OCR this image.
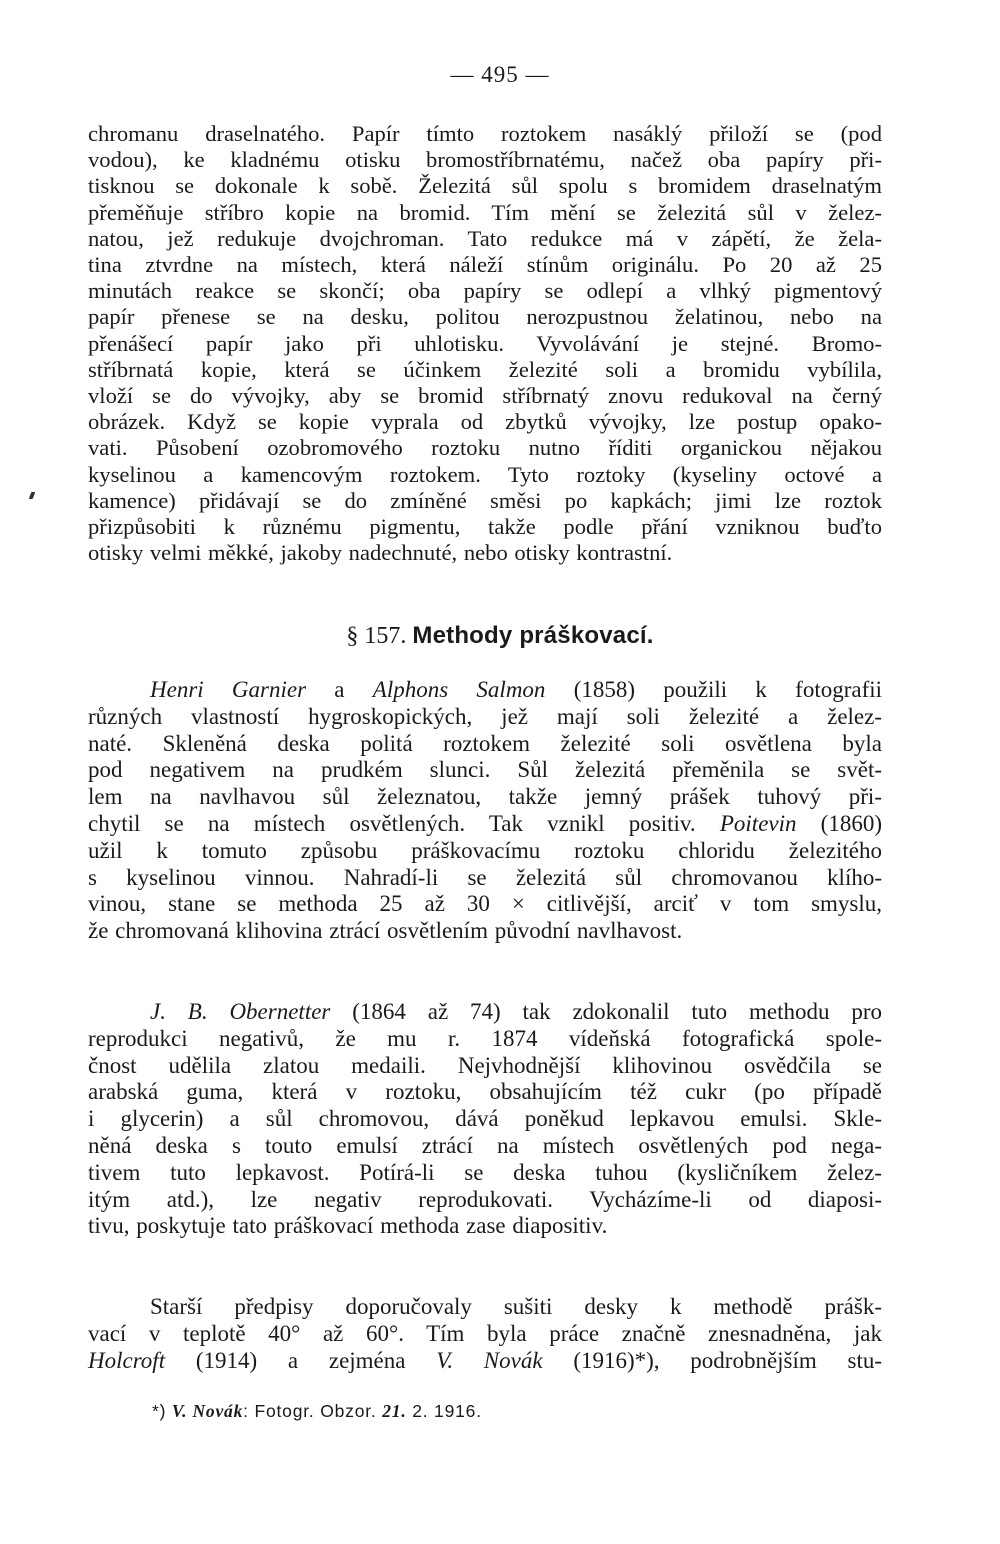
— 495 —
chromanu draselnatého. Papír tímto roztokem nasáklý přiloží se (pod
vodou), ke kladnému otisku bromostříbrnatému, načež oba papíry při-
tisknou se dokonale k sobě. Železitá sůl spolu s bromidem draselnatým
přeměňuje stříbro kopie na bromid. Tím mění se železitá sůl v želez-
natou, jež redukuje dvojchroman. Tato redukce má v zápětí, že žela-
tina ztvrdne na místech, která náleží stínům originálu. Po 20 až 25
minutách reakce se skončí; oba papíry se odlepí a vlhký pigmentový
papír přenese se na desku, politou nerozpustnou želatinou, nebo na
přenášecí papír jako při uhlotisku. Vyvolávání je stejné. Bromo-
stříbrnatá kopie, která se účinkem železité soli a bromidu vybílila,
vloží se do vývojky, aby se bromid stříbrnatý znovu redukoval na černý
obrázek. Když se kopie vyprala od zbytků vývojky, lze postup opako-
vati. Působení ozobromového roztoku nutno říditi organickou nějakou
kyselinou a kamencovým roztokem. Tyto roztoky (kyseliny octové a
kamence) přidávají se do zmíněné směsi po kapkách; jimi lze roztok
přizpůsobiti k různému pigmentu, takže podle přání vzniknou buďto
otisky velmi měkké, jakoby nadechnuté, nebo otisky kontrastní.
§ 157. Methody práškovací.
Henri Garnier a Alphons Salmon (1858) použili k fotografii
různých vlastností hygroskopických, jež mají soli železité a želez-
naté. Skleněná deska politá roztokem železité soli osvětlena byla
pod negativem na prudkém slunci. Sůl železitá přeměnila se svět-
lem na navlhavou sůl železnatou, takže jemný prášek tuhový při-
chytil se na místech osvětlených. Tak vznikl positiv. Poitevin (1860)
užil k tomuto způsobu práškovacímu roztoku chloridu železitého
s kyselinou vinnou. Nahradí-li se železitá sůl chromovanou klího-
vinou, stane se methoda 25 až 30 × citlivější, arciť v tom smyslu,
že chromovaná klihovina ztrácí osvětlením původní navlhavost.
J. B. Obernetter (1864 až 74) tak zdokonalil tuto methodu pro
reprodukci negativů, že mu r. 1874 vídeňská fotografická spole-
čnost udělila zlatou medaili. Nejvhodnější klihovinou osvědčila se
arabská guma, která v roztoku, obsahujícím též cukr (po případě
i glycerin) a sůl chromovou, dává poněkud lepkavou emulsi. Skle-
něná deska s touto emulsí ztrácí na místech osvětlených pod nega-
tivem tuto lepkavost. Potírá-li se deska tuhou (kysličníkem želez-
itým atd.), lze negativ reprodukovati. Vycházíme-li od diaposi-
tivu, poskytuje tato práškovací methoda zase diapositiv.
Starší předpisy doporučovaly sušiti desky k methodě prášk-
vací v teplotě 40° až 60°. Tím byla práce značně znesnadněna, jak
Holcroft (1914) a zejména V. Novák (1916)*), podrobnějším stu-
*) V. Novák: Fotogr. Obzor. 21. 2. 1916.
